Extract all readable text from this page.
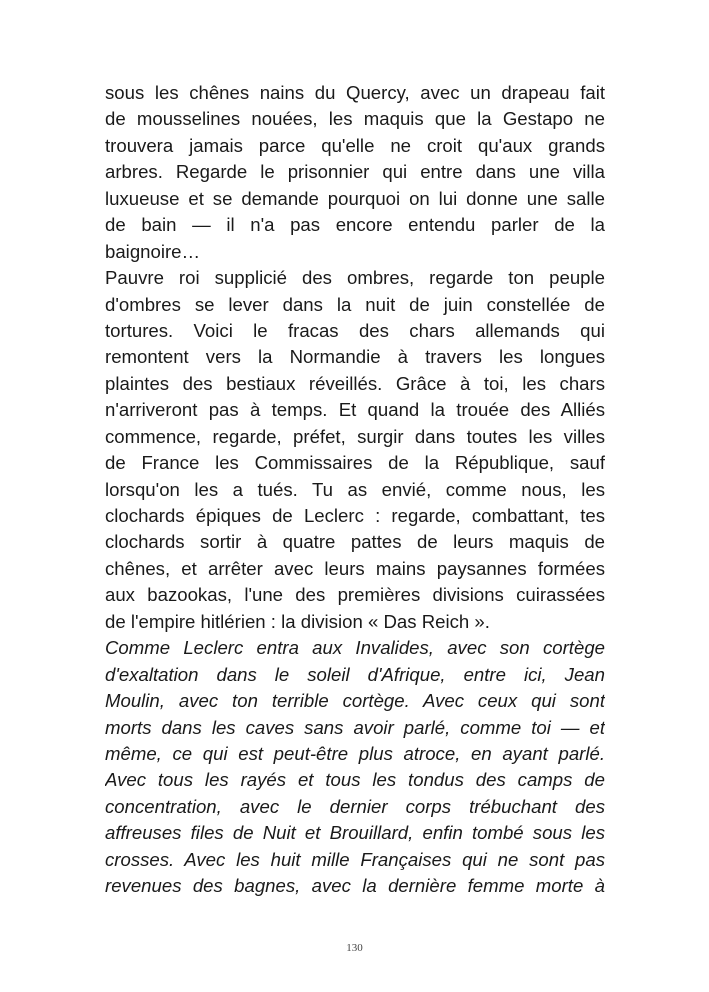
sous les chênes nains du Quercy, avec un drapeau fait
de mousselines nouées, les maquis que la Gestapo ne
trouvera jamais parce qu'elle ne croit qu'aux grands
arbres. Regarde le prisonnier qui entre dans une villa
luxueuse et se demande pourquoi on lui donne une salle
de bain — il n'a pas encore entendu parler de la
baignoire…
Pauvre roi supplicié des ombres, regarde ton peuple
d'ombres se lever dans la nuit de juin constellée de
tortures. Voici le fracas des chars allemands qui
remontent vers la Normandie à travers les longues
plaintes des bestiaux réveillés. Grâce à toi, les chars
n'arriveront pas à temps. Et quand la trouée des Alliés
commence, regarde, préfet, surgir dans toutes les villes
de France les Commissaires de la République, sauf
lorsqu'on les a tués. Tu as envié, comme nous, les
clochards épiques de Leclerc : regarde, combattant, tes
clochards sortir à quatre pattes de leurs maquis de
chênes, et arrêter avec leurs mains paysannes formées
aux bazookas, l'une des premières divisions cuirassées
de l'empire hitlérien : la division « Das Reich ».
Comme Leclerc entra aux Invalides, avec son cortège
d'exaltation dans le soleil d'Afrique, entre ici, Jean
Moulin, avec ton terrible cortège. Avec ceux qui sont
morts dans les caves sans avoir parlé, comme toi — et
même, ce qui est peut-être plus atroce, en ayant parlé.
Avec tous les rayés et tous les tondus des camps de
concentration, avec le dernier corps trébuchant des
affreuses files de Nuit et Brouillard, enfin tombé sous les
crosses. Avec les huit mille Françaises qui ne sont pas
revenues des bagnes, avec la dernière femme morte à
130
